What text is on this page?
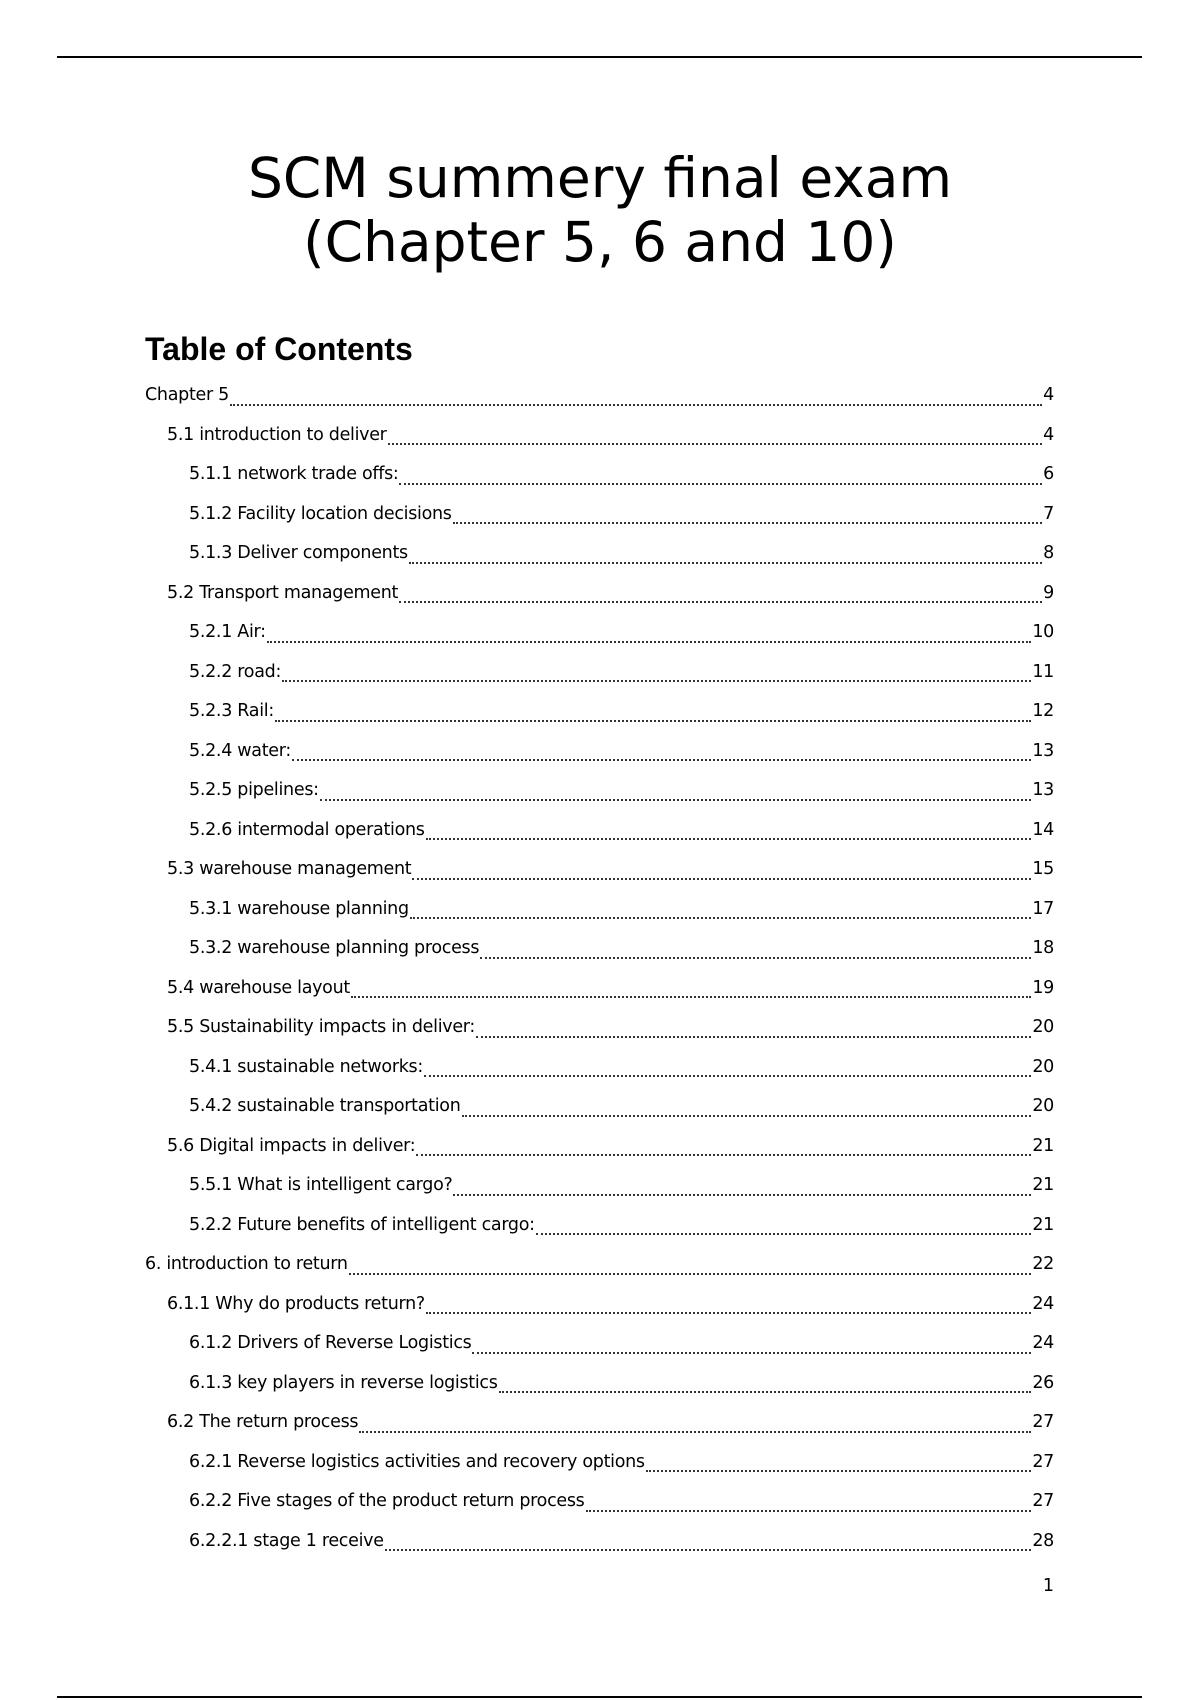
SCM summery final exam
(Chapter 5, 6 and 10)
Table of Contents
Chapter 5	4
5.1 introduction to deliver	4
5.1.1 network trade offs:	6
5.1.2 Facility location decisions	7
5.1.3 Deliver components	8
5.2 Transport management	9
5.2.1 Air:	10
5.2.2 road:	11
5.2.3 Rail:	12
5.2.4 water:	13
5.2.5 pipelines:	13
5.2.6 intermodal operations	14
5.3 warehouse management	15
5.3.1 warehouse planning	17
5.3.2 warehouse planning process	18
5.4 warehouse layout	19
5.5 Sustainability impacts in deliver:	20
5.4.1 sustainable networks:	20
5.4.2 sustainable transportation	20
5.6 Digital impacts in deliver:	21
5.5.1 What is intelligent cargo?	21
5.2.2 Future benefits of intelligent cargo:	21
6. introduction to return	22
6.1.1 Why do products return?	24
6.1.2 Drivers of Reverse Logistics	24
6.1.3 key players in reverse logistics	26
6.2 The return process	27
6.2.1 Reverse logistics activities and recovery options	27
6.2.2 Five stages of the product return process	27
6.2.2.1 stage 1 receive	28
1
